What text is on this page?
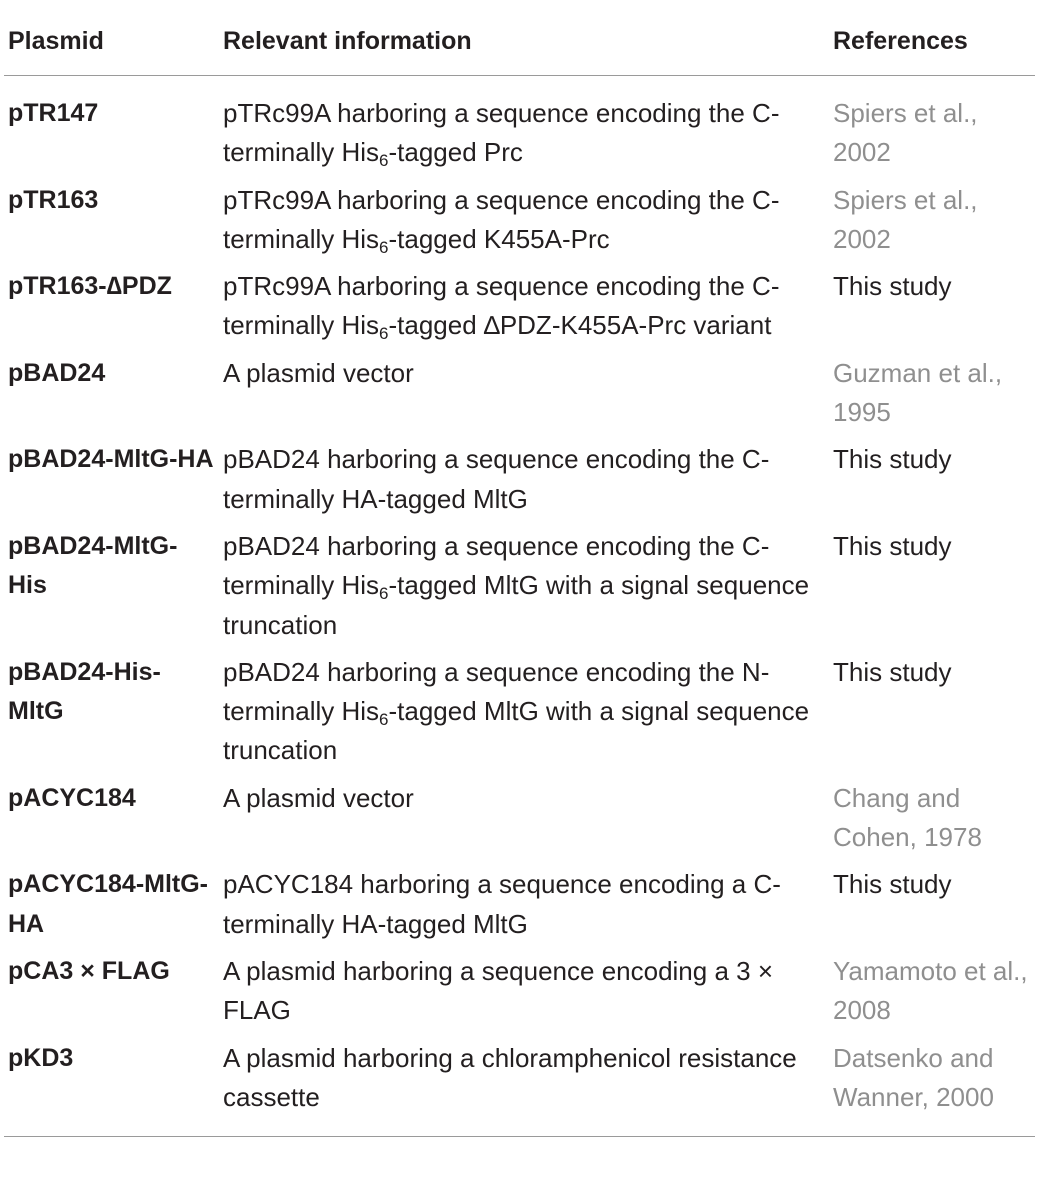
Plasmid	Relevant information	References
pTR147	pTRc99A harboring a sequence encoding the C-terminally His$_6$-tagged Prc	Spiers et al., 2002
pTR163	pTRc99A harboring a sequence encoding the C-terminally His$_6$-tagged K455A-Prc	Spiers et al., 2002
pTR163-∆PDZ	pTRc99A harboring a sequence encoding the C-terminally His$_6$-tagged ∆PDZ-K455A-Prc variant	This study
pBAD24	A plasmid vector	Guzman et al., 1995
pBAD24-MltG-HA	pBAD24 harboring a sequence encoding the C-terminally HA-tagged MltG	This study
pBAD24-MltG-His	pBAD24 harboring a sequence encoding the C-terminally His$_6$-tagged MltG with a signal sequence truncation	This study
pBAD24-His-MltG	pBAD24 harboring a sequence encoding the N-terminally His$_6$-tagged MltG with a signal sequence truncation	This study
pACYC184	A plasmid vector	Chang and Cohen, 1978
pACYC184-MltG-HA	pACYC184 harboring a sequence encoding a C-terminally HA-tagged MltG	This study
pCA3 × FLAG	A plasmid harboring a sequence encoding a 3 × FLAG	Yamamoto et al., 2008
pKD3	A plasmid harboring a chloramphenicol resistance cassette	Datsenko and Wanner, 2000
